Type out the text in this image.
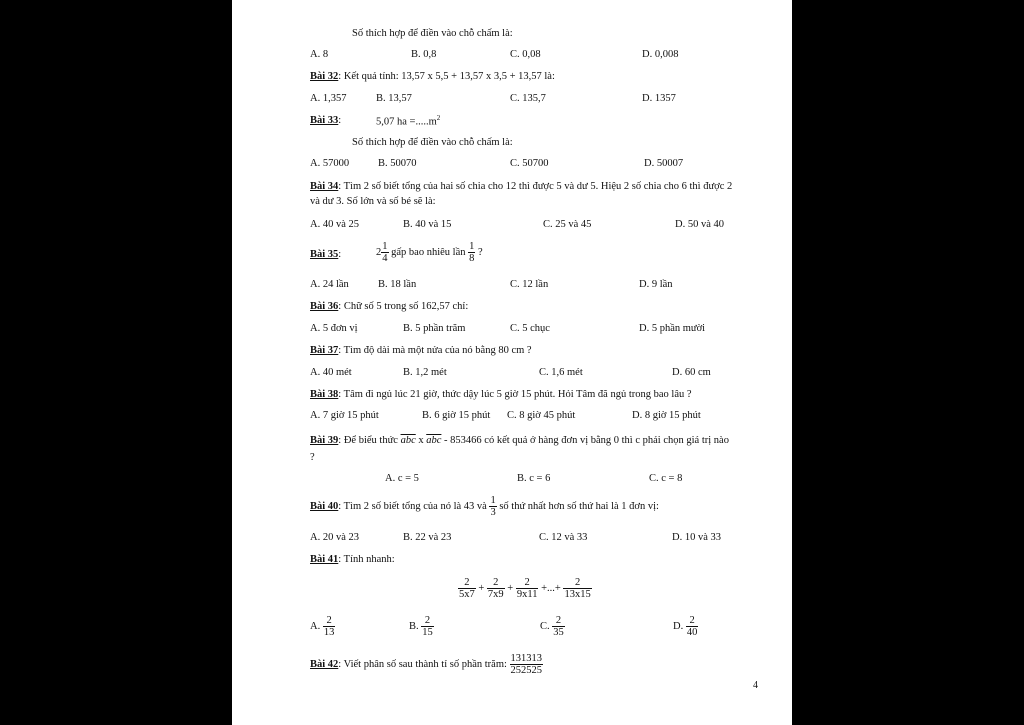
Số thích hợp để điền vào chỗ chấm là:
A. 8	B. 0,8	C. 0,08	D. 0,008
Bài 32: Kết quả tính: 13,57 x 5,5 + 13,57 x 3,5 + 13,57 là:
A. 1,357	B. 13,57	C. 135,7	D. 1357
Bài 33:	5,07 ha $=.....m^2$
Số thích hợp để điền vào chỗ chấm là:
A. 57000	B. 50070	C. 50700	D. 50007
Bài 34: Tìm 2 số biết tổng của hai số chia cho 12 thì được 5 và dư 5. Hiệu 2 số chia cho 6 thì được 2
và dư 3. Số lớn và số bé sẽ là:
A. 40 và 25	B. 40 và 15	C. 25 và 45	D. 50 và 40
Bài 35:	$2 \frac{1}{4}$ gấp bao nhiêu lần $\frac{1}{8}$ ?
A. 24 lần	B. 18 lần	C. 12 lần	D. 9 lần
Bài 36: Chữ số 5 trong số 162,57 chỉ:
A. 5 đơn vị	B. 5 phần trăm	C. 5 chục	D. 5 phần mười
Bài 37: Tìm độ dài mà một nửa của nó bằng 80 cm ?
A. 40 mét	B. 1,2 mét	C. 1,6 mét	D. 60 cm
Bài 38: Tâm đi ngủ lúc 21 giờ, thức dậy lúc 5 giờ 15 phút. Hỏi Tâm đã ngủ trong bao lâu ?
A. 7 giờ 15 phút	B. 6 giờ 15 phút C. 8 giờ 45 phút	D. 8 giờ 15 phút
Bài 39: Để biểu thức $\overline{abc}$ x $\overline{abc} - 853466$ có kết quả ở hàng đơn vị bằng 0 thì c phải chọn giá trị nào
?
A. c = 5	B. c = 6	C. c = 8
Bài 40: Tìm 2 số biết tổng của nó là 43 và $\frac{1}{3}$ số thứ nhất hơn số thứ hai là 1 đơn vị:
A. 20 và 23	B. 22 và 23	C. 12 và 33	D. 10 và 33
Bài 41: Tính nhanh:
$\frac{2}{5x7} + \frac{2}{7x9} + \frac{2}{9x11}$ +...+ $\frac{2}{13x15}$
A. $\frac{2}{13}$	B. $\frac{2}{15}$	C. $\frac{2}{35}$	D. $\frac{2}{40}$
Bài 42: Viết phân số sau thành tỉ số phần trăm: $\frac{131313}{252525}$
4
